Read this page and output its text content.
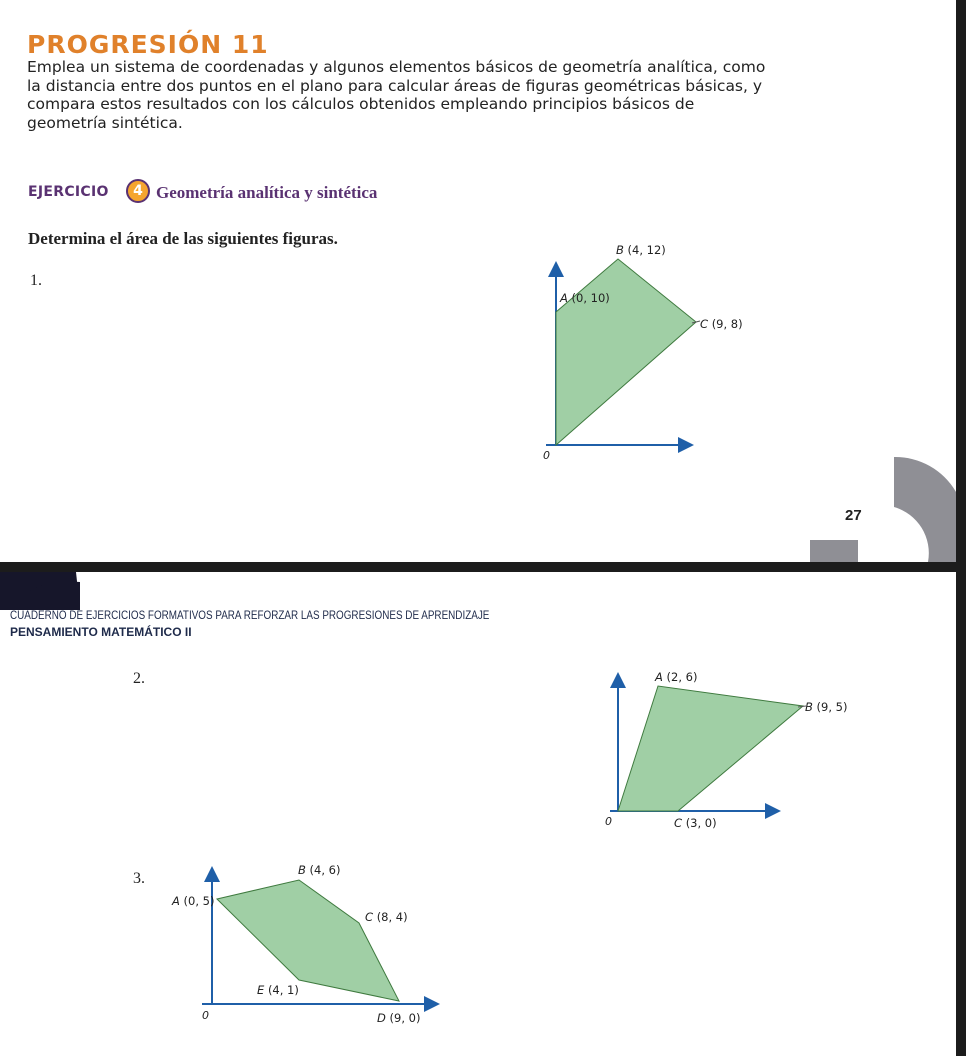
PROGRESIÓN 11
Emplea un sistema de coordenadas y algunos elementos básicos de geometría analítica, como la distancia entre dos puntos en el plano para calcular áreas de figuras geométricas básicas, y compara estos resultados con los cálculos obtenidos empleando principios básicos de geometría sintética.
EJERCICIO	4 Geometría analítica y sintética
Determina el área de las siguientes figuras.
1.
B (4, 12)
A (0, 10)
C (9, 8)
0
27
CUADERNO DE EJERCICIOS FORMATIVOS PARA REFORZAR LAS PROGRESIONES DE APRENDIZAJE
PENSAMIENTO MATEMÁTICO II
2.	A (2, 6)
B (9, 5)
C (3, 0)
0
3.	B (4, 6)
A (0, 5)
C (8, 4)
E (4, 1)
D (9, 0)
0
